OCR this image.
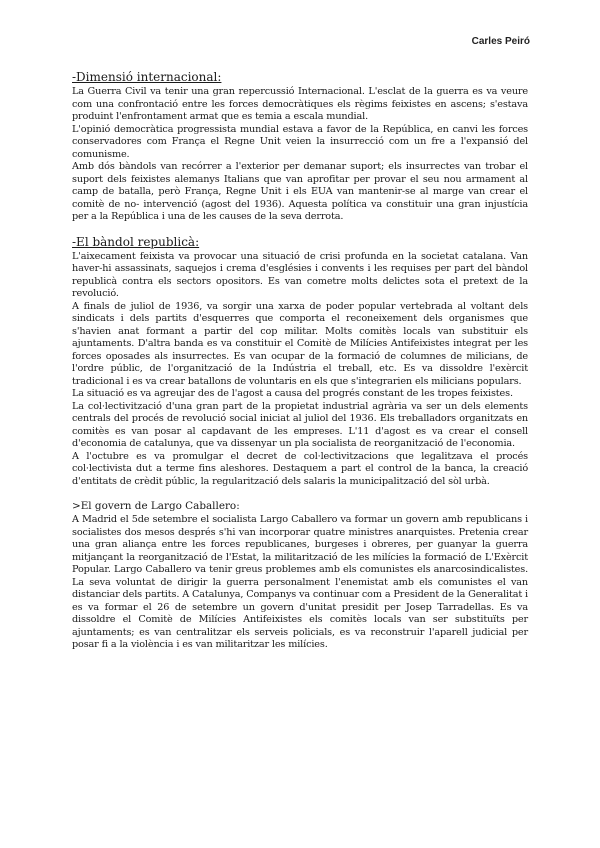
Carles Peiró
-Dimensió internacional:

La Guerra Civil va tenir una gran repercussió Internacional. L'esclat de la guerra es va veure com una confrontació entre les forces democràtiques els règims feixistes en ascens; s'estava produint l'enfrontament armat que es temia a escala mundial.

L'opinió democràtica progressista mundial estava a favor de la República, en canvi les forces conservadores com França el Regne Unit veien la insurrecció com un fre a l'expansió del comunisme.

Amb dós bàndols van recórrer a l'exterior per demanar suport; els insurrectes van trobar el suport dels feixistes alemanys Italians que van aprofitar per provar el seu nou armament al camp de batalla, però França, Regne Unit i els EUA van mantenir-se al marge van crear el comitè de no- intervenció (agost del 1936). Aquesta política va constituir una gran injustícia per a la República i una de les causes de la seva derrota.

-El bàndol republicà:

L'aixecament feixista va provocar una situació de crisi profunda en la societat catalana. Van haver-hi assassinats, saquejos i crema d'esglésies i convents i les requises per part del bàndol republicà contra els sectors opositors. Es van cometre molts delictes sota el pretext de la revolució.

A finals de juliol de 1936, va sorgir una xarxa de poder popular vertebrada al voltant dels sindicats i dels partits d'esquerres que comporta el reconeixement dels organismes que s'havien anat formant a partir del cop militar. Molts comitès locals van substituir els ajuntaments. D'altra banda es va constituir el Comitè de Milícies Antifeixistes integrat per les forces oposades als insurrectes. Es van ocupar de la formació de columnes de milicians, de l'ordre públic, de l'organització de la Indústria el treball, etc. Es va dissoldre l'exèrcit tradicional i es va crear batallons de voluntaris en els que s'integrarien els milicians populars.

La situació es va agreujar des de l'agost a causa del progrés constant de les tropes feixistes.

La col·lectivització d'una gran part de la propietat industrial agrària va ser un dels elements centrals del procés de revolució social iniciat al juliol del 1936. Els treballadors organitzats en comitès es van posar al capdavant de les empreses. L'11 d'agost es va crear el consell d'economia de catalunya, que va dissenyar un pla socialista de reorganització de l'economia.

A l'octubre es va promulgar el decret de col·lectivitzacions que legalitzava el procés col·lectivista dut a terme fins aleshores. Destaquem a part el control de la banca, la creació d'entitats de crèdit públic, la regularització dels salaris la municipalització del sòl urbà.

>El govern de Largo Caballero:

A Madrid el 5de setembre el socialista Largo Caballero va formar un govern amb republicans i socialistes dos mesos després s'hi van incorporar quatre ministres anarquistes. Pretenia crear una gran aliança entre les forces republicanes, burgeses i obreres, per guanyar la guerra mitjançant la reorganització de l'Estat, la militarització de les milícies la formació de L'Exèrcit Popular. Largo Caballero va tenir greus problemes amb els comunistes els anarcosindicalistes. La seva voluntat de dirigir la guerra personalment l'enemistat amb els comunistes el van distanciar dels partits. A Catalunya, Companys va continuar com a President de la Generalitat i es va formar el 26 de setembre un govern d'unitat presidit per Josep Tarradellas. Es va dissoldre el Comitè de Milícies Antifeixistes els comitès locals van ser substituïts per ajuntaments; es van centralitzar els serveis policials, es va reconstruir l'aparell judicial per posar fi a la violència i es van militaritzar les milícies.
